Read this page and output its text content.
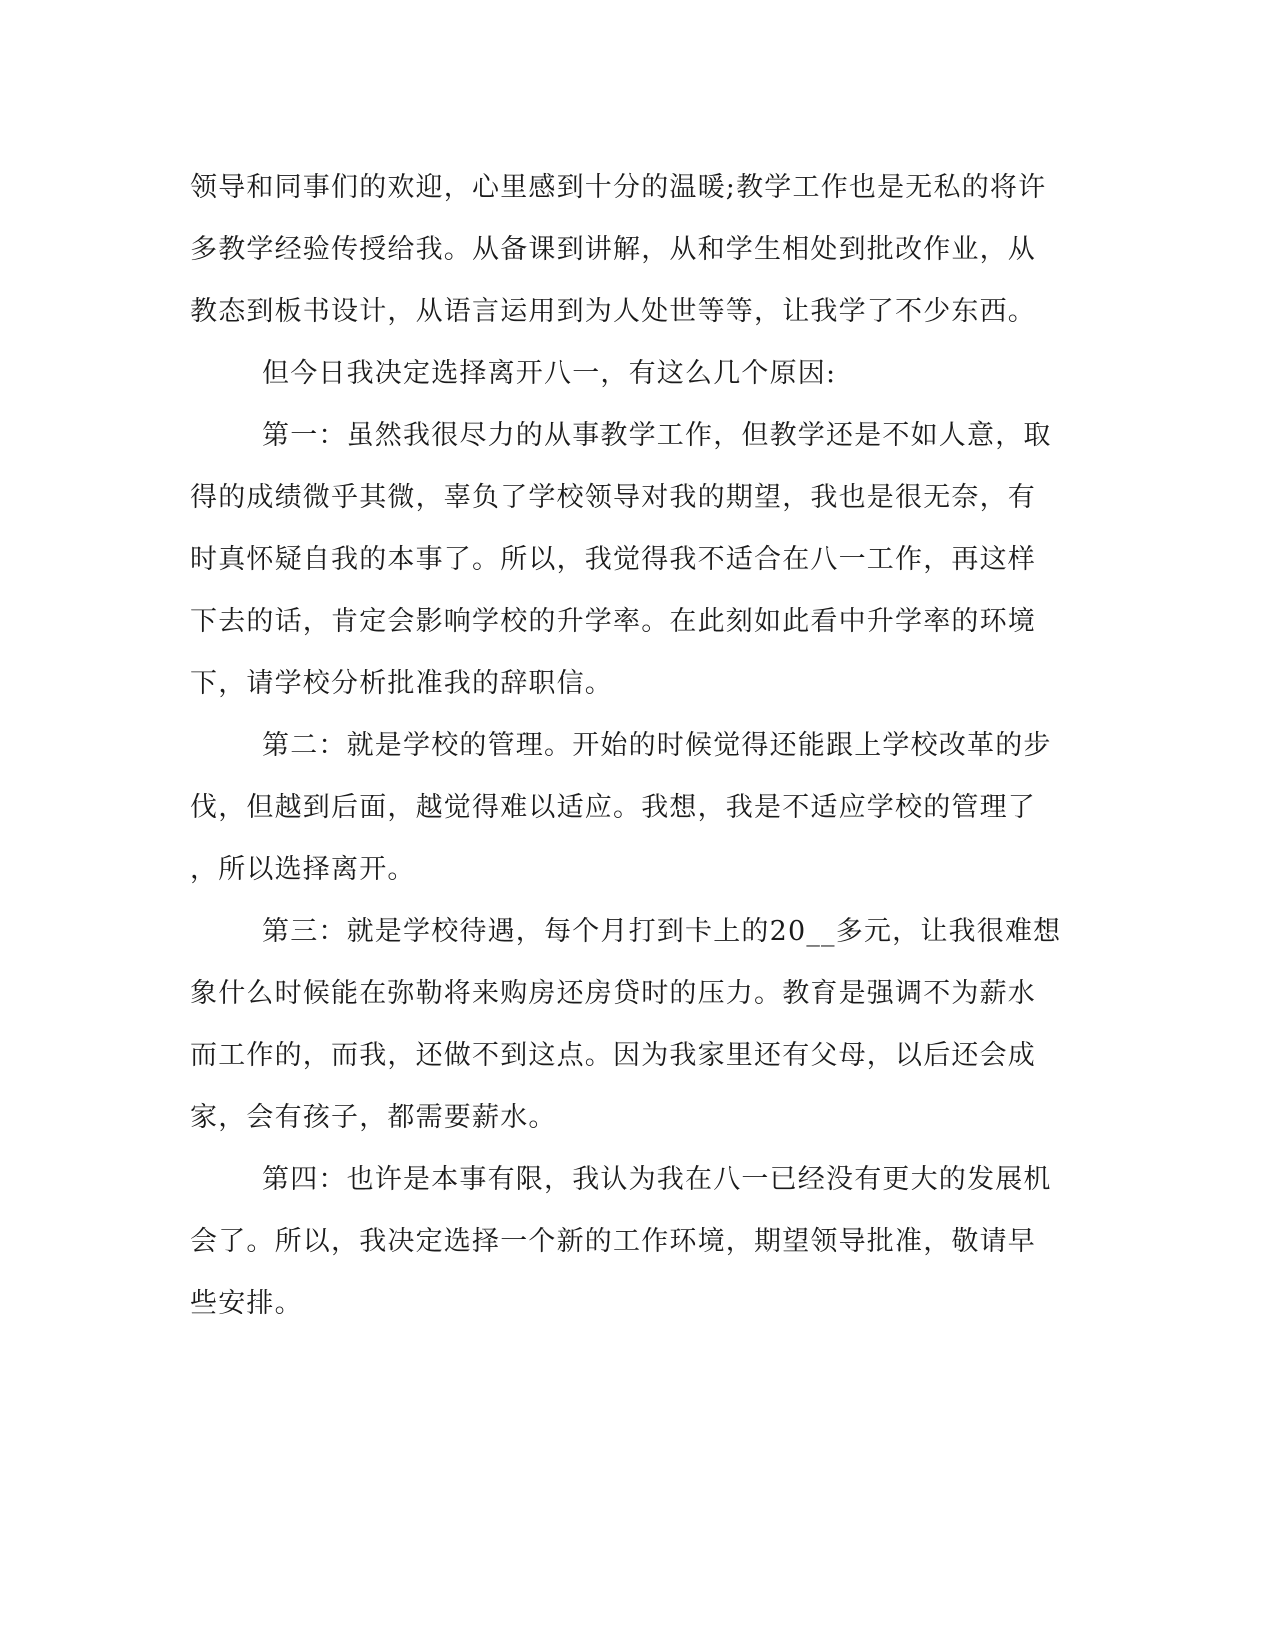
领导和同事们的欢迎，心里感到十分的温暖;教学工作也是无私的将许
多教学经验传授给我。从备课到讲解，从和学生相处到批改作业，从
教态到板书设计，从语言运用到为人处世等等，让我学了不少东西。
但今日我决定选择离开八一，有这么几个原因:
第一：虽然我很尽力的从事教学工作，但教学还是不如人意，取
得的成绩微乎其微，辜负了学校领导对我的期望，我也是很无奈，有
时真怀疑自我的本事了。所以，我觉得我不适合在八一工作，再这样
下去的话，肯定会影响学校的升学率。在此刻如此看中升学率的环境
下，请学校分析批准我的辞职信。
第二：就是学校的管理。开始的时候觉得还能跟上学校改革的步
伐，但越到后面，越觉得难以适应。我想，我是不适应学校的管理了
，所以选择离开。
第三：就是学校待遇，每个月打到卡上的20__多元，让我很难想
象什么时候能在弥勒将来购房还房贷时的压力。教育是强调不为薪水
而工作的，而我，还做不到这点。因为我家里还有父母，以后还会成
家，会有孩子，都需要薪水。
第四：也许是本事有限，我认为我在八一已经没有更大的发展机
会了。所以，我决定选择一个新的工作环境，期望领导批准，敬请早
些安排。
